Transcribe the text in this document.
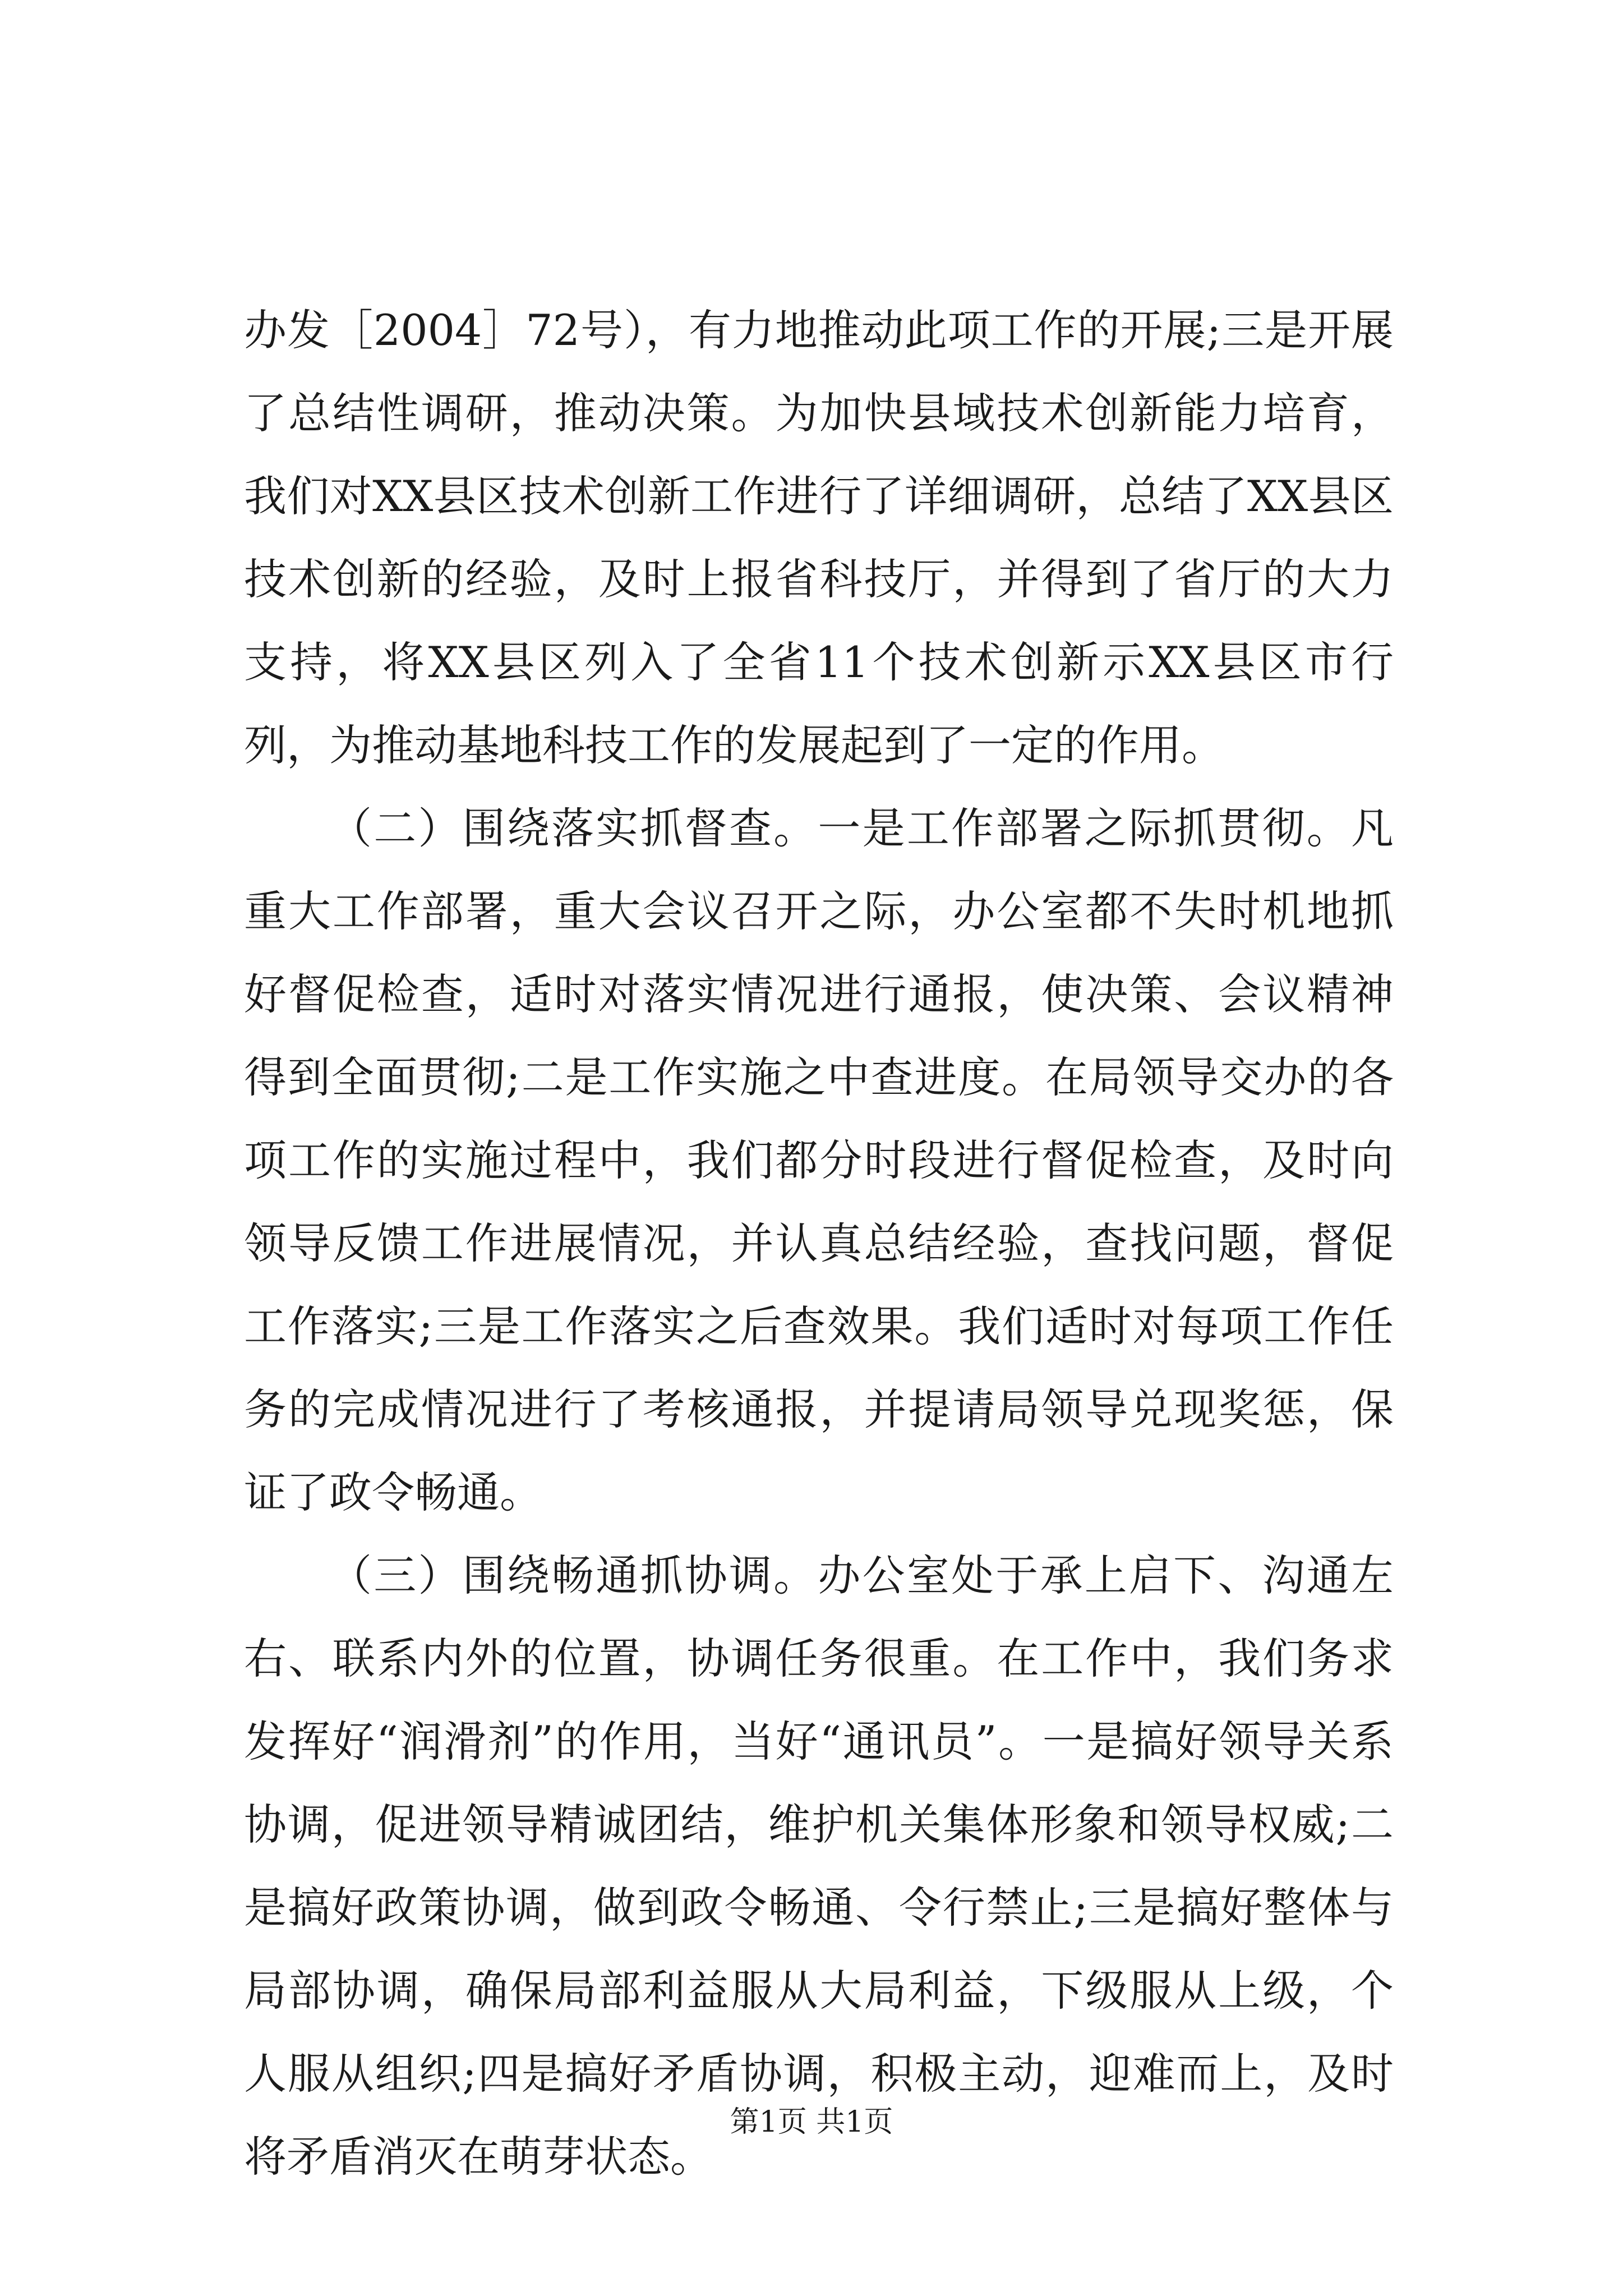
办发［2004］72号），有力地推动此项工作的开展;三是开展了总结性调研，推动决策。为加快县域技术创新能力培育，我们对XX县区技术创新工作进行了详细调研，总结了XX县区技术创新的经验，及时上报省科技厅，并得到了省厅的大力支持，将XX县区列入了全省11个技术创新示XX县区市行列，为推动基地科技工作的发展起到了一定的作用。

（二）围绕落实抓督查。一是工作部署之际抓贯彻。凡重大工作部署，重大会议召开之际，办公室都不失时机地抓好督促检查，适时对落实情况进行通报，使决策、会议精神得到全面贯彻;二是工作实施之中查进度。在局领导交办的各项工作的实施过程中，我们都分时段进行督促检查，及时向领导反馈工作进展情况，并认真总结经验，查找问题，督促工作落实;三是工作落实之后查效果。我们适时对每项工作任务的完成情况进行了考核通报，并提请局领导兑现奖惩，保证了政令畅通。

（三）围绕畅通抓协调。办公室处于承上启下、沟通左右、联系内外的位置，协调任务很重。在工作中，我们务求发挥好“润滑剂”的作用，当好“通讯员”。一是搞好领导关系协调，促进领导精诚团结，维护机关集体形象和领导权威;二是搞好政策协调，做到政令畅通、令行禁止;三是搞好整体与局部协调，确保局部利益服从大局利益，下级服从上级，个人服从组织;四是搞好矛盾协调，积极主动，迎难而上，及时将矛盾消灭在萌芽状态。

第1页 共1页
